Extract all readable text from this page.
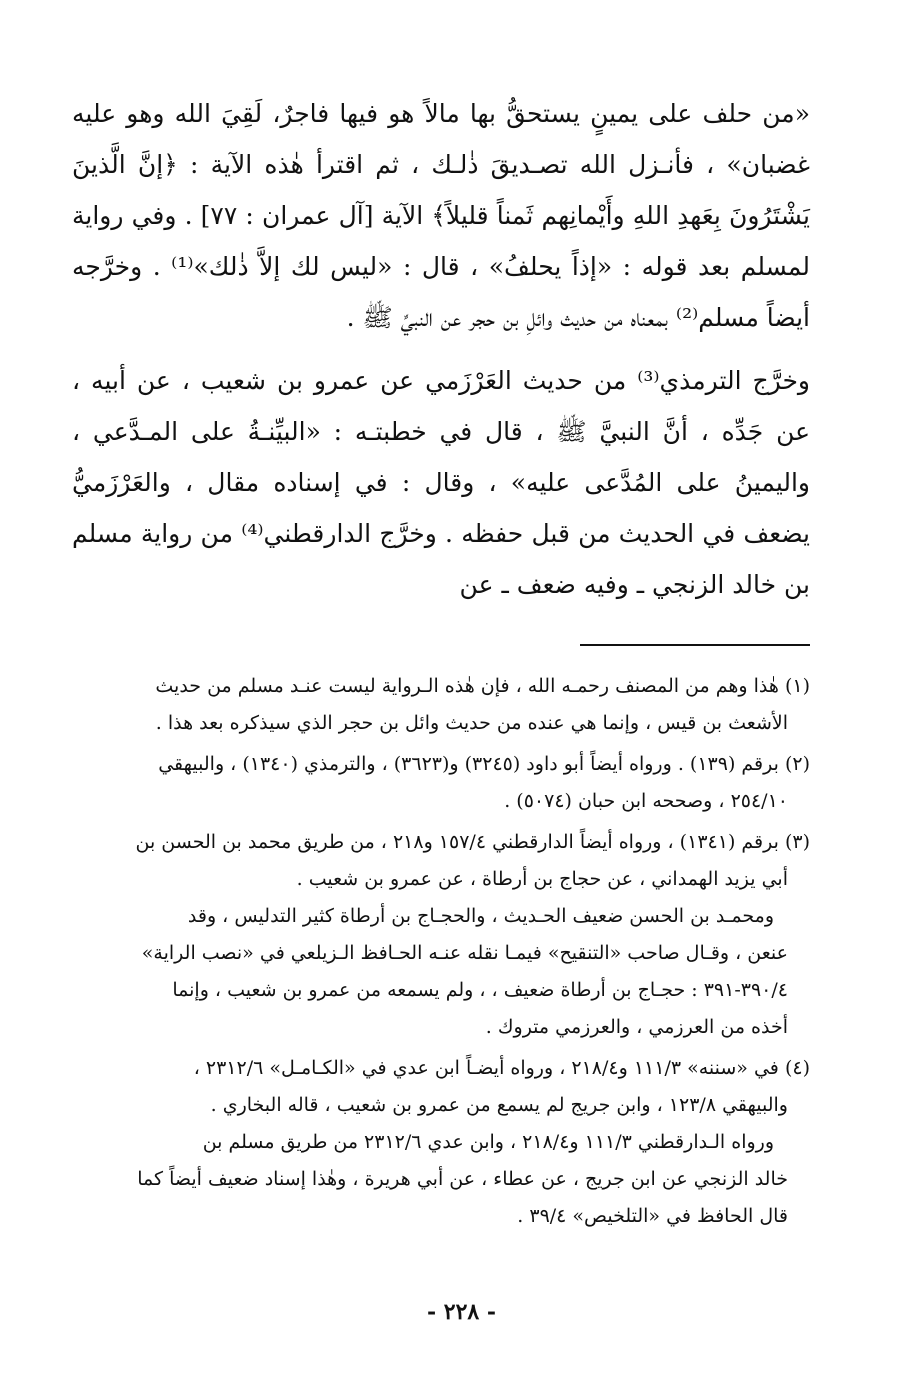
«من حلف على يمينٍ يستحقُّ بها مالاً هو فيها فاجرٌ، لَقِيَ الله وهو عليه غضبان» ، فأنـزل الله تصـديقَ ذٰلـك ، ثم اقترأ هٰذه الآية : ﴿إنَّ الَّذينَ يَشْتَرُونَ بِعَهدِ اللهِ وأَيْمانِهم ثَمناً قليلاً﴾ الآية [آل عمران : ٧٧] . وفي رواية لمسلم بعد قوله : «إذاً يحلفُ» ، قال : «ليس لك إلاَّ ذٰلك»⁽¹⁾ . وخرَّجه أيضاً مسلم⁽²⁾ بمعناه من حديث وائلِ بن حجر عن النبيِّ ﷺ .

وخرَّج الترمذي⁽³⁾ من حديث العَرْزَمي عن عمرو بن شعيب ، عن أبيه ، عن جَدِّه ، أنَّ النبيَّ ﷺ ، قال في خطبتـه : «البيِّنـةُ على المـدَّعي ، واليمينُ على المُدَّعى عليه» ، وقال : في إسناده مقال ، والعَرْزَميُّ يضعف في الحديث من قبل حفظه . وخرَّج الدارقطني⁽⁴⁾ من رواية مسلم بن خالد الزنجي ـ وفيه ضعف ـ عن

(١) هٰذا وهم من المصنف رحمـه الله ، فإن هٰذه الـرواية ليست عنـد مسلم من حديث
الأشعث بن قيس ، وإنما هي عنده من حديث وائل بن حجر الذي سيذكره بعد هذا .
(٢) برقم (١٣٩) . ورواه أيضاً أبو داود (٣٢٤٥) و(٣٦٢٣) ، والترمذي (١٣٤٠) ، والبيهقي
٢٥٤/١٠ ، وصححه ابن حبان (٥٠٧٤) .
(٣) برقم (١٣٤١) ، ورواه أيضاً الدارقطني ١٥٧/٤ و٢١٨ ، من طريق محمد بن الحسن بن
أبي يزيد الهمداني ، عن حجاج بن أرطاة ، عن عمرو بن شعيب .
ومحمـد بن الحسن ضعيف الحـديث ، والحجـاج بن أرطاة كثير التدليس ، وقد
عنعن ، وقـال صاحب «التنقيح» فيمـا نقله عنـه الحـافظ الـزيلعي في «نصب الراية»
٣٩٠/٤-٣٩١ : حجـاج بن أرطاة ضعيف ، ، ولم يسمعه من عمرو بن شعيب ، وإنما
أخذه من العرزمي ، والعرزمي متروك .
(٤) في «سننه» ١١١/٣ و٢١٨/٤ ، ورواه أيضـاً ابن عدي في «الكـامـل» ٢٣١٢/٦ ،
والبيهقي ١٢٣/٨ ، وابن جريج لم يسمع من عمرو بن شعيب ، قاله البخاري .
ورواه الـدارقطني ١١١/٣ و٢١٨/٤ ، وابن عدي ٢٣١٢/٦ من طريق مسلم بن
خالد الزنجي عن ابن جريج ، عن عطاء ، عن أبي هريرة ، وهٰذا إسناد ضعيف أيضاً كما
قال الحافظ في «التلخيص» ٣٩/٤ .
- ٢٢٨ -
